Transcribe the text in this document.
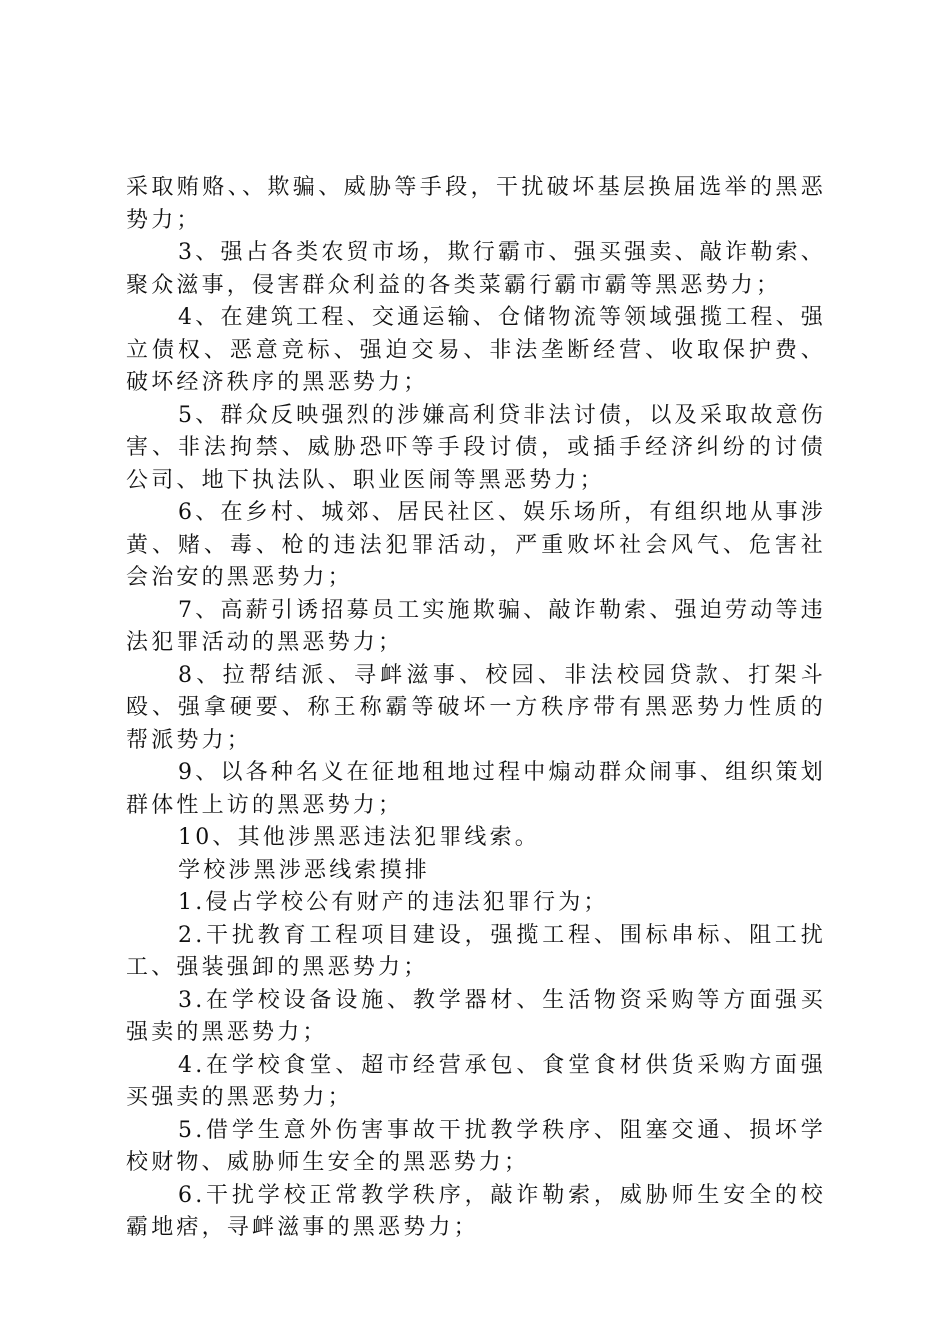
采取贿赂、、欺骗、威胁等手段，干扰破坏基层换届选举的黑恶势力；

3、强占各类农贸市场，欺行霸市、强买强卖、敲诈勒索、聚众滋事，侵害群众利益的各类菜霸行霸市霸等黑恶势力；

4、在建筑工程、交通运输、仓储物流等领域强揽工程、强立债权、恶意竞标、强迫交易、非法垄断经营、收取保护费、破坏经济秩序的黑恶势力；

5、群众反映强烈的涉嫌高利贷非法讨债，以及采取故意伤害、非法拘禁、威胁恐吓等手段讨债，或插手经济纠纷的讨债公司、地下执法队、职业医闹等黑恶势力；

6、在乡村、城郊、居民社区、娱乐场所，有组织地从事涉黄、赌、毒、枪的违法犯罪活动，严重败坏社会风气、危害社会治安的黑恶势力；

7、高薪引诱招募员工实施欺骗、敲诈勒索、强迫劳动等违法犯罪活动的黑恶势力；

8、拉帮结派、寻衅滋事、校园、非法校园贷款、打架斗殴、强拿硬要、称王称霸等破坏一方秩序带有黑恶势力性质的帮派势力；

9、以各种名义在征地租地过程中煽动群众闹事、组织策划群体性上访的黑恶势力；

10、其他涉黑恶违法犯罪线索。

学校涉黑涉恶线索摸排

1.侵占学校公有财产的违法犯罪行为；

2.干扰教育工程项目建设，强揽工程、围标串标、阻工扰工、强装强卸的黑恶势力；

3.在学校设备设施、教学器材、生活物资采购等方面强买强卖的黑恶势力；

4.在学校食堂、超市经营承包、食堂食材供货采购方面强买强卖的黑恶势力；

5.借学生意外伤害事故干扰教学秩序、阻塞交通、损坏学校财物、威胁师生安全的黑恶势力；

6.干扰学校正常教学秩序，敲诈勒索，威胁师生安全的校霸地痞，寻衅滋事的黑恶势力；
